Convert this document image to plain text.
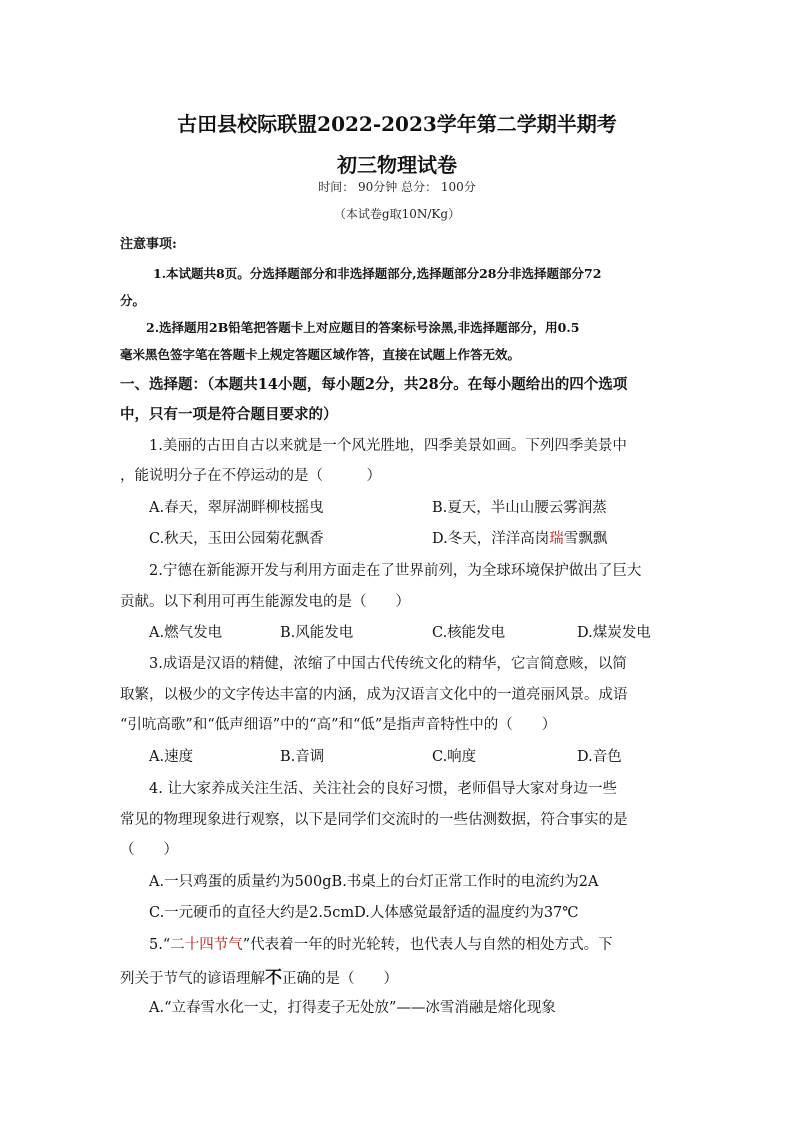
古田县校际联盟2022-2023学年第二学期半期考
初三物理试卷
时间： 90分钟 总分： 100分
（本试卷g取10N/Kg）
注意事项:
1.本试题共8页。分选择题部分和非选择题部分,选择题部分28分非选择题部分72
分。
2.选择题用2B铅笔把答题卡上对应题目的答案标号涂黑,非选择题部分，用0.5
毫米黑色签字笔在答题卡上规定答题区域作答，直接在试题上作答无效。
一、选择题：（本题共14小题，每小题2分，共28分。在每小题给出的四个选项
中，只有一项是符合题目要求的）
1.美丽的古田自古以来就是一个风光胜地，四季美景如画。下列四季美景中
，能说明分子在不停运动的是（　　　）
A.春天，翠屏湖畔柳枝摇曳	B.夏天，半山山腰云雾润蒸
C.秋天，玉田公园菊花飘香	D.冬天，洋洋高岗瑞雪飘飘
2.宁德在新能源开发与利用方面走在了世界前列，为全球环境保护做出了巨大
贡献。以下利用可再生能源发电的是（　　）
A.燃气发电	B.风能发电	C.核能发电	D.煤炭发电
3.成语是汉语的精健，浓缩了中国古代传统文化的精华，它言简意赅，以简
取繁，以极少的文字传达丰富的内涵，成为汉语言文化中的一道亮丽风景。成语
“引吭高歌”和“低声细语”中的“高”和“低”是指声音特性中的（　　）
A.速度	B.音调	C.响度	D.音色
4. 让大家养成关注生活、关注社会的良好习惯，老师倡导大家对身边一些
常见的物理现象进行观察，以下是同学们交流时的一些估测数据，符合事实的是
（　　）
A.一只鸡蛋的质量约为500gB.书桌上的台灯正常工作时的电流约为2A
C.一元硬币的直径大约是2.5cmD.人体感觉最舒适的温度约为37℃
5.“二十四节气”代表着一年的时光轮转，也代表人与自然的相处方式。下
列关于节气的谚语理解不正确的是（　　）
A.“立春雪水化一丈，打得麦子无处放”——冰雪消融是熔化现象
